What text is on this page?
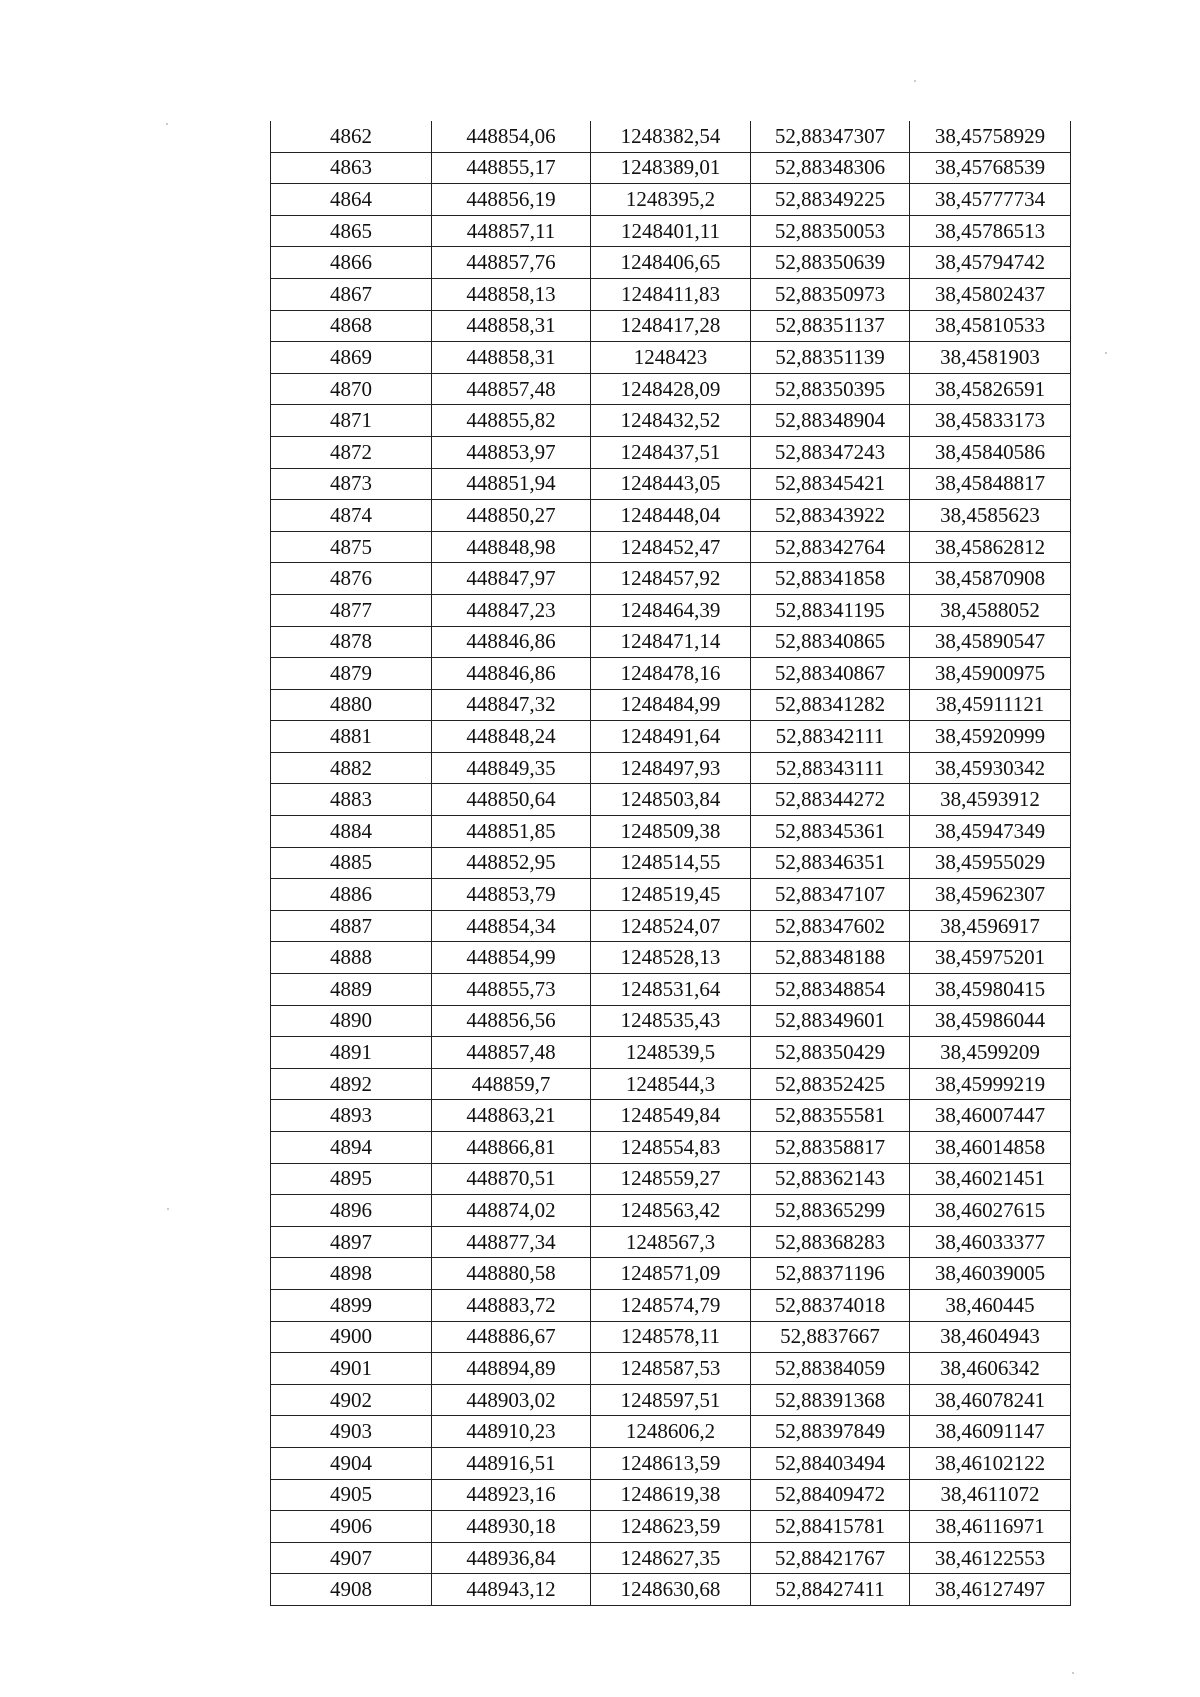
4862	448854,06	1248382,54	52,88347307	38,45758929
4863	448855,17	1248389,01	52,88348306	38,45768539
4864	448856,19	1248395,2	52,88349225	38,45777734
4865	448857,11	1248401,11	52,88350053	38,45786513
4866	448857,76	1248406,65	52,88350639	38,45794742
4867	448858,13	1248411,83	52,88350973	38,45802437
4868	448858,31	1248417,28	52,88351137	38,45810533
4869	448858,31	1248423	52,88351139	38,4581903
4870	448857,48	1248428,09	52,88350395	38,45826591
4871	448855,82	1248432,52	52,88348904	38,45833173
4872	448853,97	1248437,51	52,88347243	38,45840586
4873	448851,94	1248443,05	52,88345421	38,45848817
4874	448850,27	1248448,04	52,88343922	38,4585623
4875	448848,98	1248452,47	52,88342764	38,45862812
4876	448847,97	1248457,92	52,88341858	38,45870908
4877	448847,23	1248464,39	52,88341195	38,4588052
4878	448846,86	1248471,14	52,88340865	38,45890547
4879	448846,86	1248478,16	52,88340867	38,45900975
4880	448847,32	1248484,99	52,88341282	38,45911121
4881	448848,24	1248491,64	52,88342111	38,45920999
4882	448849,35	1248497,93	52,88343111	38,45930342
4883	448850,64	1248503,84	52,88344272	38,4593912
4884	448851,85	1248509,38	52,88345361	38,45947349
4885	448852,95	1248514,55	52,88346351	38,45955029
4886	448853,79	1248519,45	52,88347107	38,45962307
4887	448854,34	1248524,07	52,88347602	38,4596917
4888	448854,99	1248528,13	52,88348188	38,45975201
4889	448855,73	1248531,64	52,88348854	38,45980415
4890	448856,56	1248535,43	52,88349601	38,45986044
4891	448857,48	1248539,5	52,88350429	38,4599209
4892	448859,7	1248544,3	52,88352425	38,45999219
4893	448863,21	1248549,84	52,88355581	38,46007447
4894	448866,81	1248554,83	52,88358817	38,46014858
4895	448870,51	1248559,27	52,88362143	38,46021451
4896	448874,02	1248563,42	52,88365299	38,46027615
4897	448877,34	1248567,3	52,88368283	38,46033377
4898	448880,58	1248571,09	52,88371196	38,46039005
4899	448883,72	1248574,79	52,88374018	38,460445
4900	448886,67	1248578,11	52,8837667	38,4604943
4901	448894,89	1248587,53	52,88384059	38,4606342
4902	448903,02	1248597,51	52,88391368	38,46078241
4903	448910,23	1248606,2	52,88397849	38,46091147
4904	448916,51	1248613,59	52,88403494	38,46102122
4905	448923,16	1248619,38	52,88409472	38,4611072
4906	448930,18	1248623,59	52,88415781	38,46116971
4907	448936,84	1248627,35	52,88421767	38,46122553
4908	448943,12	1248630,68	52,88427411	38,46127497
